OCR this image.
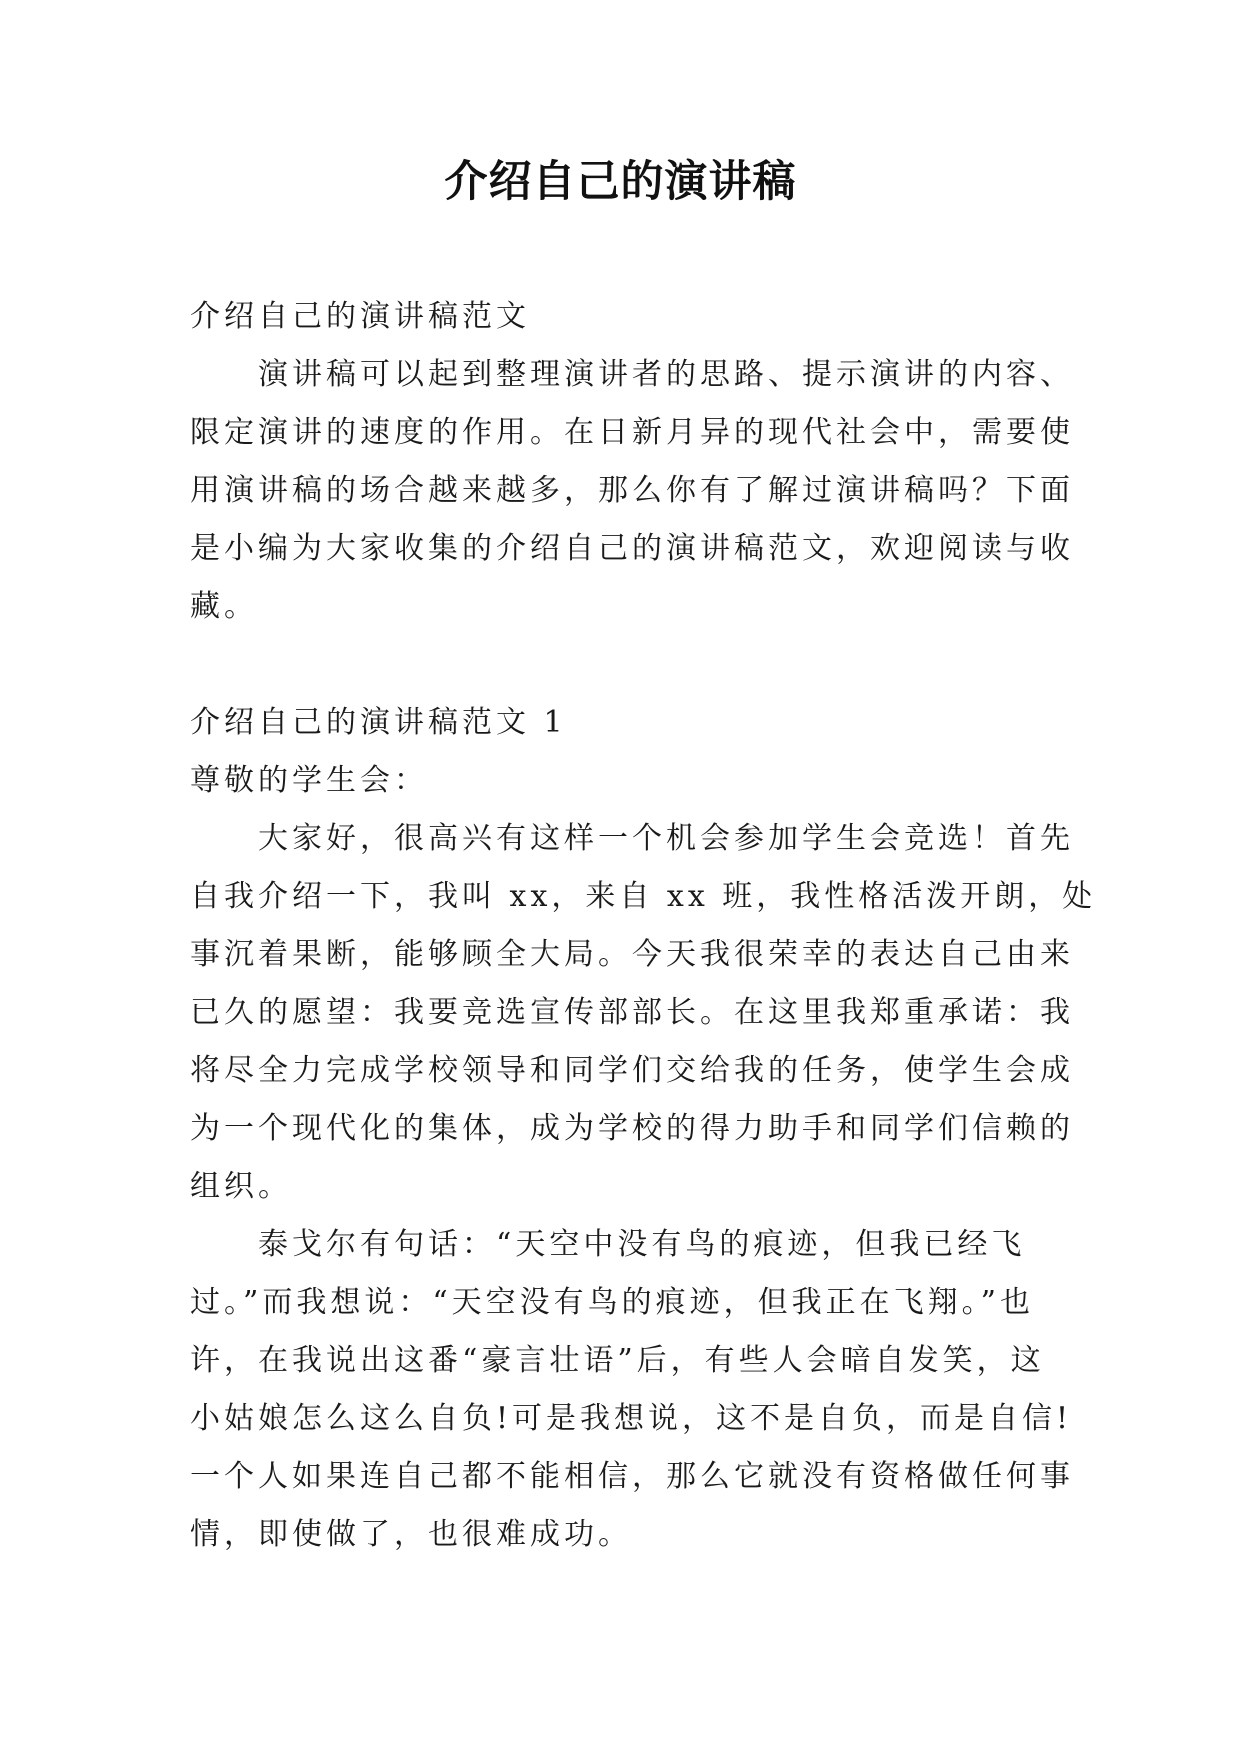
介绍自己的演讲稿

介绍自己的演讲稿范文

演讲稿可以起到整理演讲者的思路、提示演讲的内容、

限定演讲的速度的作用。在日新月异的现代社会中，需要使

用演讲稿的场合越来越多，那么你有了解过演讲稿吗？下面

是小编为大家收集的介绍自己的演讲稿范文，欢迎阅读与收

藏。

介绍自己的演讲稿范文 1

尊敬的学生会：

大家好，很高兴有这样一个机会参加学生会竞选！首先

自我介绍一下，我叫 xx，来自 xx 班，我性格活泼开朗，处

事沉着果断，能够顾全大局。今天我很荣幸的表达自己由来

已久的愿望：我要竞选宣传部部长。在这里我郑重承诺：我

将尽全力完成学校领导和同学们交给我的任务，使学生会成

为一个现代化的集体，成为学校的得力助手和同学们信赖的

组织。

泰戈尔有句话：“天空中没有鸟的痕迹，但我已经飞

过。”而我想说：“天空没有鸟的痕迹，但我正在飞翔。”也

许，在我说出这番“豪言壮语”后，有些人会暗自发笑，这

小姑娘怎么这么自负!可是我想说，这不是自负，而是自信!

一个人如果连自己都不能相信，那么它就没有资格做任何事

情，即使做了，也很难成功。
